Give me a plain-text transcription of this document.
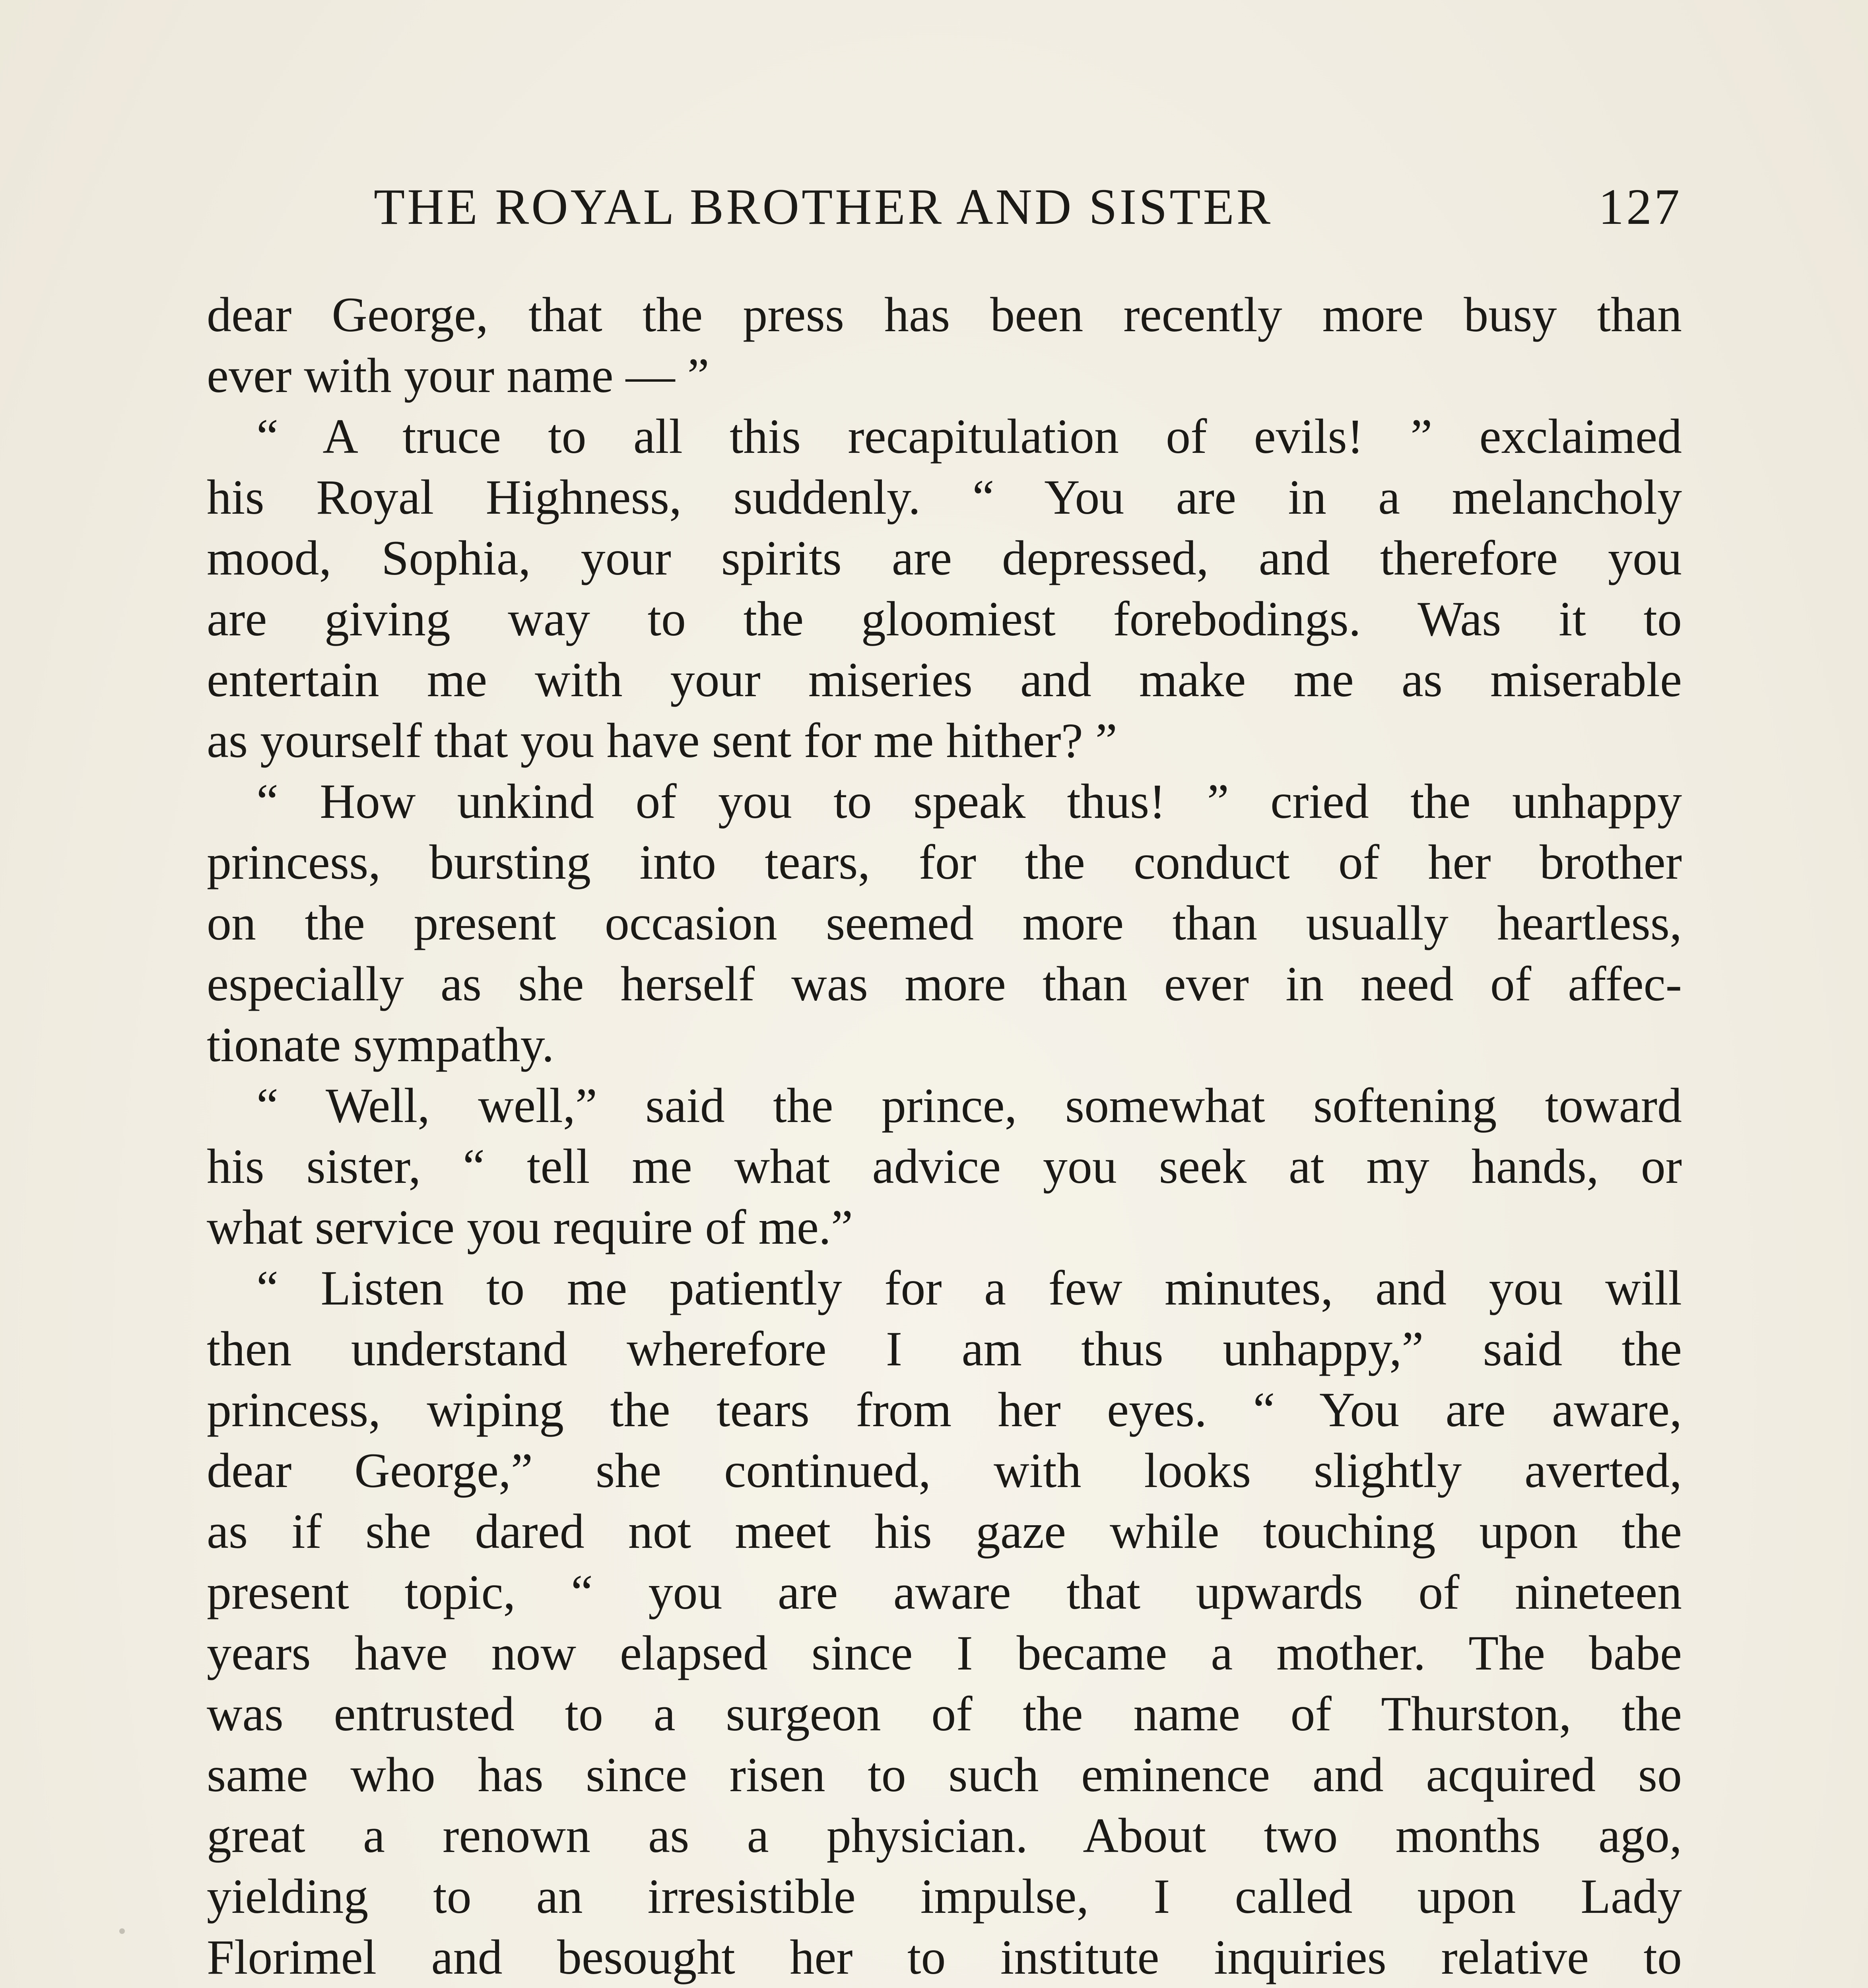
THE ROYAL BROTHER AND SISTER	127
dear George, that the press has been recently more busy than
ever with your name — ”
“ A truce to all this recapitulation of evils! ” exclaimed
his Royal Highness, suddenly. “ You are in a melancholy
mood, Sophia, your spirits are depressed, and therefore you
are giving way to the gloomiest forebodings. Was it to
entertain me with your miseries and make me as miserable
as yourself that you have sent for me hither? ”
“ How unkind of you to speak thus! ” cried the unhappy
princess, bursting into tears, for the conduct of her brother
on the present occasion seemed more than usually heartless,
especially as she herself was more than ever in need of affec-
tionate sympathy.
“ Well, well,” said the prince, somewhat softening toward
his sister, “ tell me what advice you seek at my hands, or
what service you require of me.”
“ Listen to me patiently for a few minutes, and you will
then understand wherefore I am thus unhappy,” said the
princess, wiping the tears from her eyes. “ You are aware,
dear George,” she continued, with looks slightly averted,
as if she dared not meet his gaze while touching upon the
present topic, “ you are aware that upwards of nineteen
years have now elapsed since I became a mother. The babe
was entrusted to a surgeon of the name of Thurston, the
same who has since risen to such eminence and acquired so
great a renown as a physician. About two months ago,
yielding to an irresistible impulse, I called upon Lady
Florimel and besought her to institute inquiries relative to
